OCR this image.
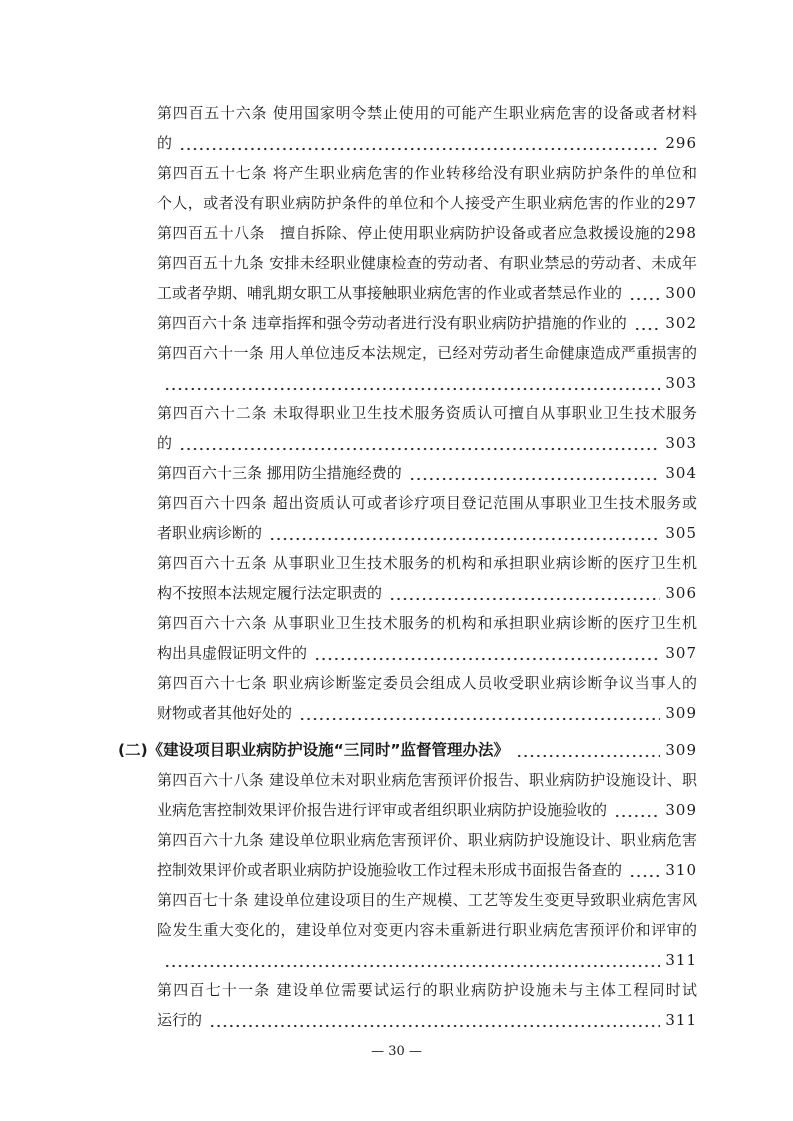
第四百五十六条 使用国家明令禁止使用的可能产生职业病危害的设备或者材料
的	296
第四百五十七条 将产生职业病危害的作业转移给没有职业病防护条件的单位和
个人，或者没有职业病防护条件的单位和个人接受产生职业病危害的作业的297
第四百五十八条 擅自拆除、停止使用职业病防护设备或者应急救援设施的298
第四百五十九条 安排未经职业健康检查的劳动者、有职业禁忌的劳动者、未成年
工或者孕期、哺乳期女职工从事接触职业病危害的作业或者禁忌作业的	300
第四百六十条 违章指挥和强令劳动者进行没有职业病防护措施的作业的	302
第四百六十一条 用人单位违反本法规定，已经对劳动者生命健康造成严重损害的
303
第四百六十二条 未取得职业卫生技术服务资质认可擅自从事职业卫生技术服务
的	303
第四百六十三条 挪用防尘措施经费的	304
第四百六十四条 超出资质认可或者诊疗项目登记范围从事职业卫生技术服务或
者职业病诊断的	305
第四百六十五条 从事职业卫生技术服务的机构和承担职业病诊断的医疗卫生机
构不按照本法规定履行法定职责的	306
第四百六十六条 从事职业卫生技术服务的机构和承担职业病诊断的医疗卫生机
构出具虚假证明文件的	307
第四百六十七条 职业病诊断鉴定委员会组成人员收受职业病诊断争议当事人的
财物或者其他好处的	309
(二)《建设项目职业病防护设施“三同时”监督管理办法》	309
第四百六十八条 建设单位未对职业病危害预评价报告、职业病防护设施设计、职
业病危害控制效果评价报告进行评审或者组织职业病防护设施验收的	309
第四百六十九条 建设单位职业病危害预评价、职业病防护设施设计、职业病危害
控制效果评价或者职业病防护设施验收工作过程未形成书面报告备查的	310
第四百七十条 建设单位建设项目的生产规模、工艺等发生变更导致职业病危害风
险发生重大变化的，建设单位对变更内容未重新进行职业病危害预评价和评审的
311
第四百七十一条 建设单位需要试运行的职业病防护设施未与主体工程同时试
运行的	311
— 30 —
